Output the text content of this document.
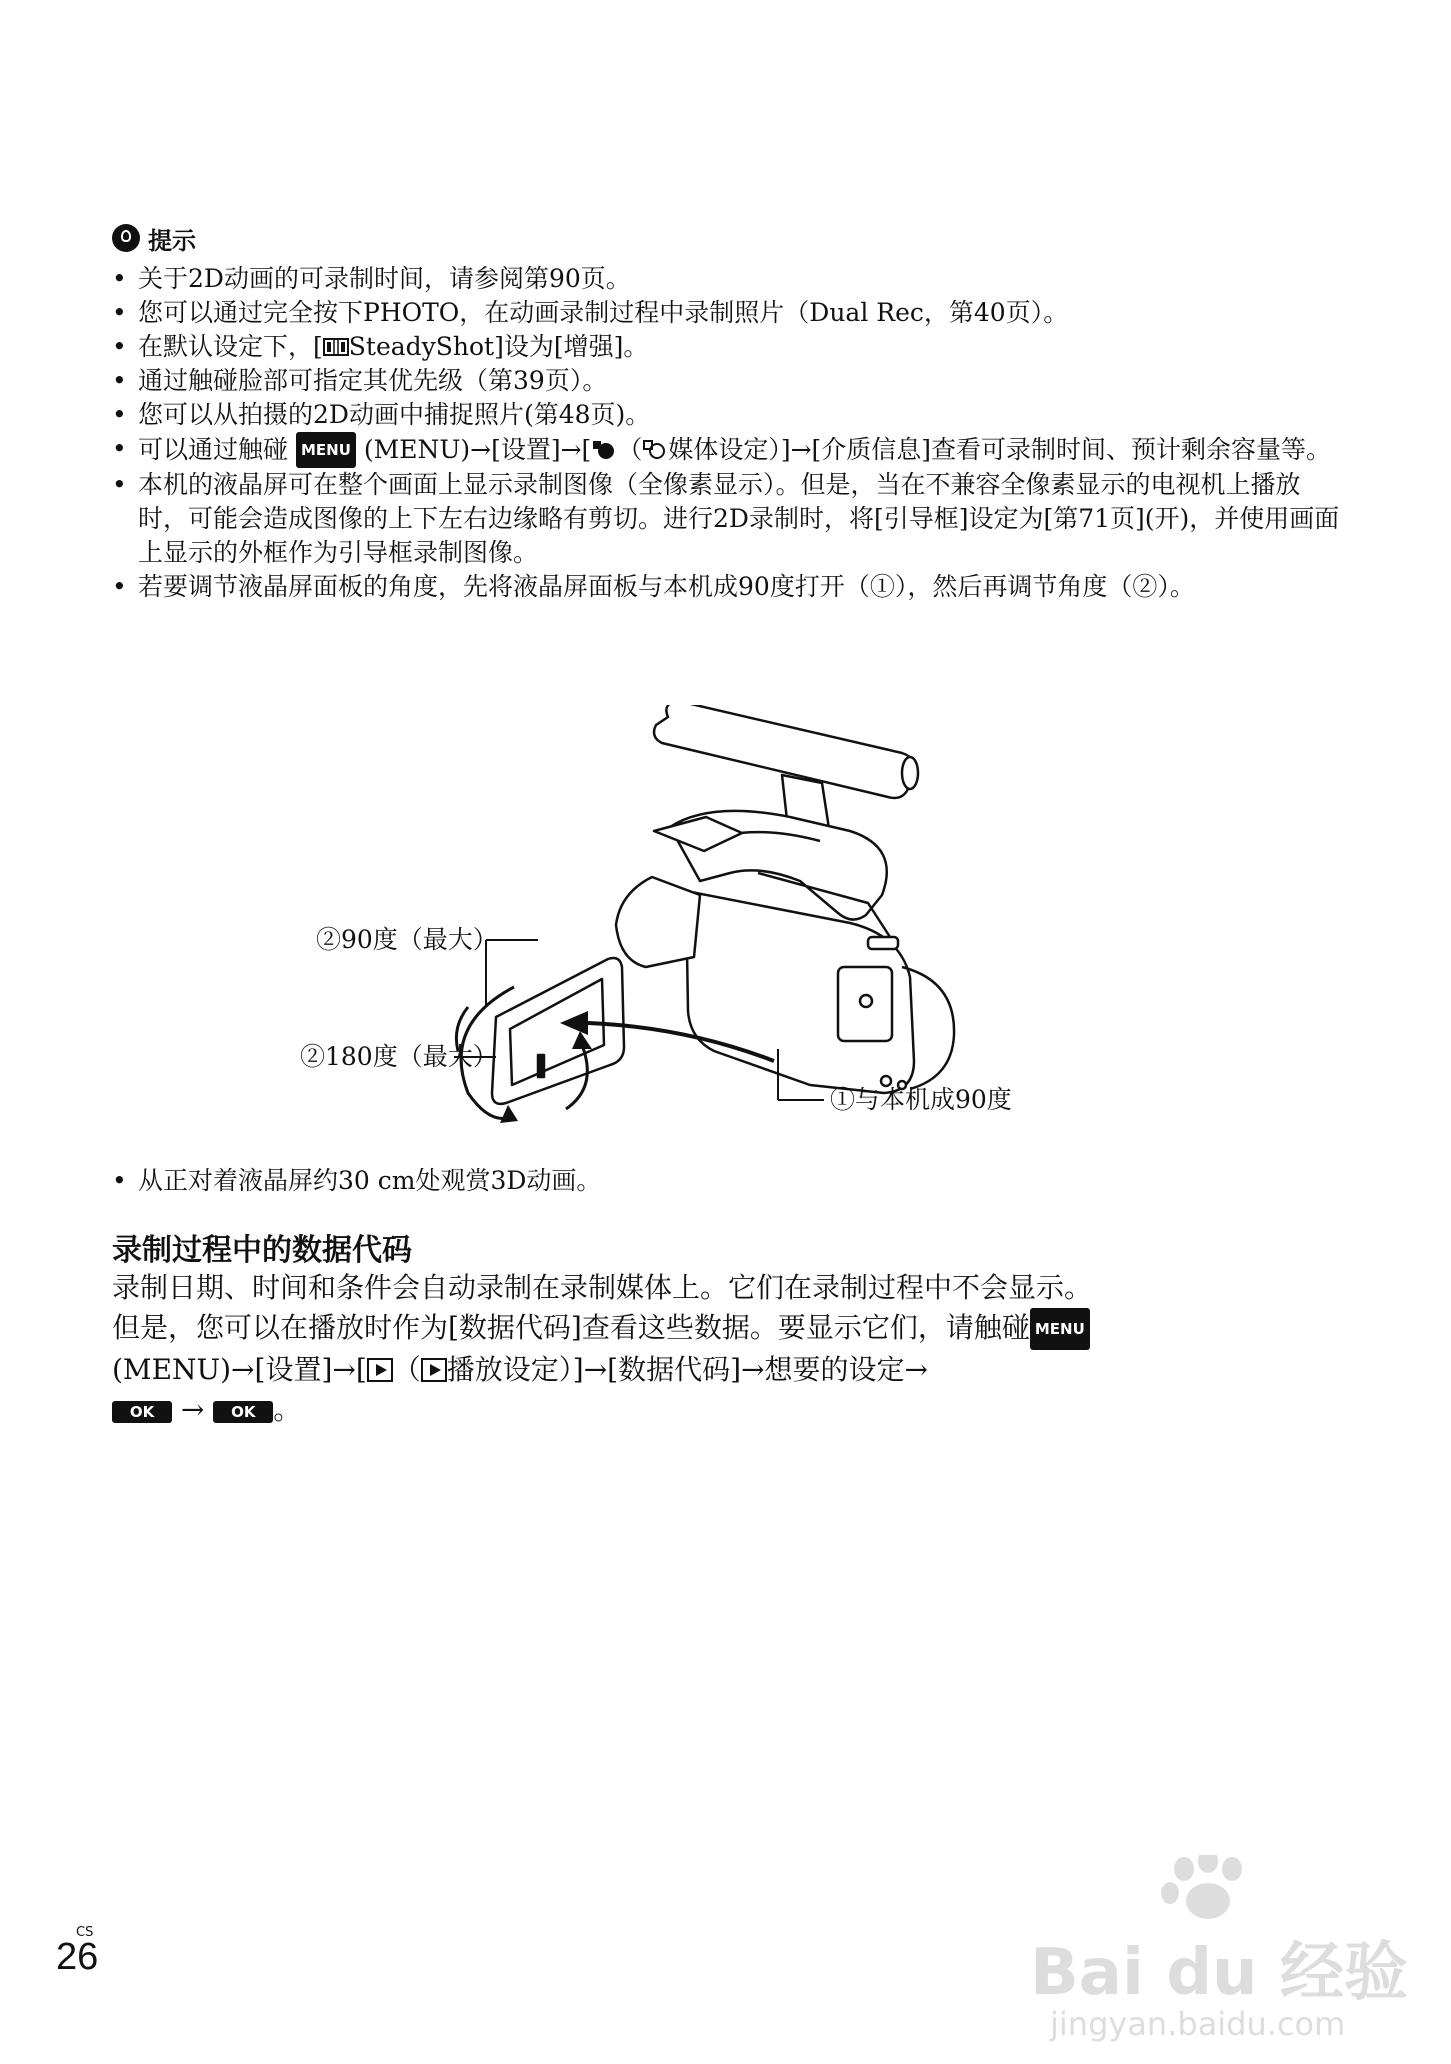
提示
• 关于2D动画的可录制时间，请参阅第90页。
• 您可以通过完全按下PHOTO，在动画录制过程中录制照片（Dual Rec，第40页）。
• 在默认设定下，[ SteadyShot]设为[增强]。
• 通过触碰脸部可指定其优先级（第39页）。
• 您可以从拍摄的2D动画中捕捉照片(第48页)。
• 可以通过触碰 MENU (MENU)→[设置]→[ （ 媒体设定）]→[介质信息]查看可录制时间、预计剩余容量等。
• 本机的液晶屏可在整个画面上显示录制图像（全像素显示）。但是，当在不兼容全像素显示的电视机上播放时，可能会造成图像的上下左右边缘略有剪切。进行2D录制时，将[引导框]设定为[第71页](开)，并使用画面上显示的外框作为引导框录制图像。
• 若要调节液晶屏面板的角度，先将液晶屏面板与本机成90度打开（①），然后再调节角度（②）。
②90度（最大）
②180度（最大）
①与本机成90度
• 从正对着液晶屏约30 cm处观赏3D动画。
录制过程中的数据代码
录制日期、时间和条件会自动录制在录制媒体上。它们在录制过程中不会显示。
但是，您可以在播放时作为[数据代码]查看这些数据。要显示它们，请触碰 MENU
(MENU)→[设置]→[ （ 播放设定）]→[数据代码]→想要的设定→
OK → OK 。
CS
26	Bai du 经验
jingyan.baidu.com
